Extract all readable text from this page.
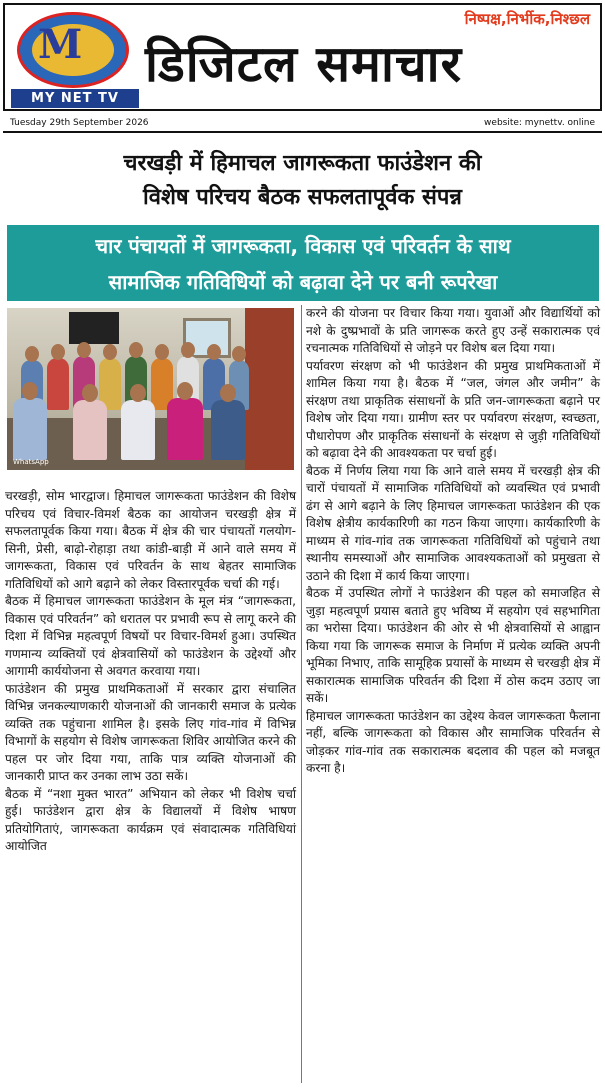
M
MY NET TV
निष्पक्ष,निर्भीक,निश्छल
डिजिटल समाचार
Tuesday 29th September 2026	website: mynettv. online
चरखड़ी में हिमाचल जागरूकता फाउंडेशन की
विशेष परिचय बैठक सफलतापूर्वक संपन्न
चार पंचायतों में जागरूकता, विकास एवं परिवर्तन के साथ
सामाजिक गतिविधियों को बढ़ावा देने पर बनी रूपरेखा
WhatsApp

चरखड़ी, सोम भारद्वाज। हिमाचल जागरूकता फाउंडेशन की विशेष परिचय एवं विचार-विमर्श बैठक का आयोजन चरखड़ी क्षेत्र में सफलतापूर्वक किया गया। बैठक में क्षेत्र की चार पंचायतों गलयोग-सिनी, प्रेसी, बाढ़ो-रोहाड़ा तथा कांडी-बाड़ी में आने वाले समय में जागरूकता, विकास एवं परिवर्तन के साथ बेहतर सामाजिक गतिविधियों को आगे बढ़ाने को लेकर विस्तारपूर्वक चर्चा की गई।

बैठक में हिमाचल जागरूकता फाउंडेशन के मूल मंत्र “जागरूकता, विकास एवं परिवर्तन” को धरातल पर प्रभावी रूप से लागू करने की दिशा में विभिन्न महत्वपूर्ण विषयों पर विचार-विमर्श हुआ। उपस्थित गणमान्य व्यक्तियों एवं क्षेत्रवासियों को फाउंडेशन के उद्देश्यों और आगामी कार्ययोजना से अवगत करवाया गया।

फाउंडेशन की प्रमुख प्राथमिकताओं में सरकार द्वारा संचालित विभिन्न जनकल्याणकारी योजनाओं की जानकारी समाज के प्रत्येक व्यक्ति तक पहुंचाना शामिल है। इसके लिए गांव-गांव में विभिन्न विभागों के सहयोग से विशेष जागरूकता शिविर आयोजित करने की पहल पर जोर दिया गया, ताकि पात्र व्यक्ति योजनाओं की जानकारी प्राप्त कर उनका लाभ उठा सकें।

बैठक में “नशा मुक्त भारत” अभियान को लेकर भी विशेष चर्चा हुई। फाउंडेशन द्वारा क्षेत्र के विद्यालयों में विशेष भाषण प्रतियोगिताएं, जागरूकता कार्यक्रम एवं संवादात्मक गतिविधियां आयोजित

करने की योजना पर विचार किया गया। युवाओं और विद्यार्थियों को नशे के दुष्प्रभावों के प्रति जागरूक करते हुए उन्हें सकारात्मक एवं रचनात्मक गतिविधियों से जोड़ने पर विशेष बल दिया गया।

पर्यावरण संरक्षण को भी फाउंडेशन की प्रमुख प्राथमिकताओं में शामिल किया गया है। बैठक में “जल, जंगल और जमीन” के संरक्षण तथा प्राकृतिक संसाधनों के प्रति जन-जागरूकता बढ़ाने पर विशेष जोर दिया गया। ग्रामीण स्तर पर पर्यावरण संरक्षण, स्वच्छता, पौधारोपण और प्राकृतिक संसाधनों के संरक्षण से जुड़ी गतिविधियों को बढ़ावा देने की आवश्यकता पर चर्चा हुई।

बैठक में निर्णय लिया गया कि आने वाले समय में चरखड़ी क्षेत्र की चारों पंचायतों में सामाजिक गतिविधियों को व्यवस्थित एवं प्रभावी ढंग से आगे बढ़ाने के लिए हिमाचल जागरूकता फाउंडेशन की एक विशेष क्षेत्रीय कार्यकारिणी का गठन किया जाएगा। कार्यकारिणी के माध्यम से गांव-गांव तक जागरूकता गतिविधियों को पहुंचाने तथा स्थानीय समस्याओं और सामाजिक आवश्यकताओं को प्रमुखता से उठाने की दिशा में कार्य किया जाएगा।

बैठक में उपस्थित लोगों ने फाउंडेशन की पहल को समाजहित से जुड़ा महत्वपूर्ण प्रयास बताते हुए भविष्य में सहयोग एवं सहभागिता का भरोसा दिया। फाउंडेशन की ओर से भी क्षेत्रवासियों से आह्वान किया गया कि जागरूक समाज के निर्माण में प्रत्येक व्यक्ति अपनी भूमिका निभाए, ताकि सामूहिक प्रयासों के माध्यम से चरखड़ी क्षेत्र में सकारात्मक सामाजिक परिवर्तन की दिशा में ठोस कदम उठाए जा सकें।

हिमाचल जागरूकता फाउंडेशन का उद्देश्य केवल जागरूकता फैलाना नहीं, बल्कि जागरूकता को विकास और सामाजिक परिवर्तन से जोड़कर गांव-गांव तक सकारात्मक बदलाव की पहल को मजबूत करना है।
